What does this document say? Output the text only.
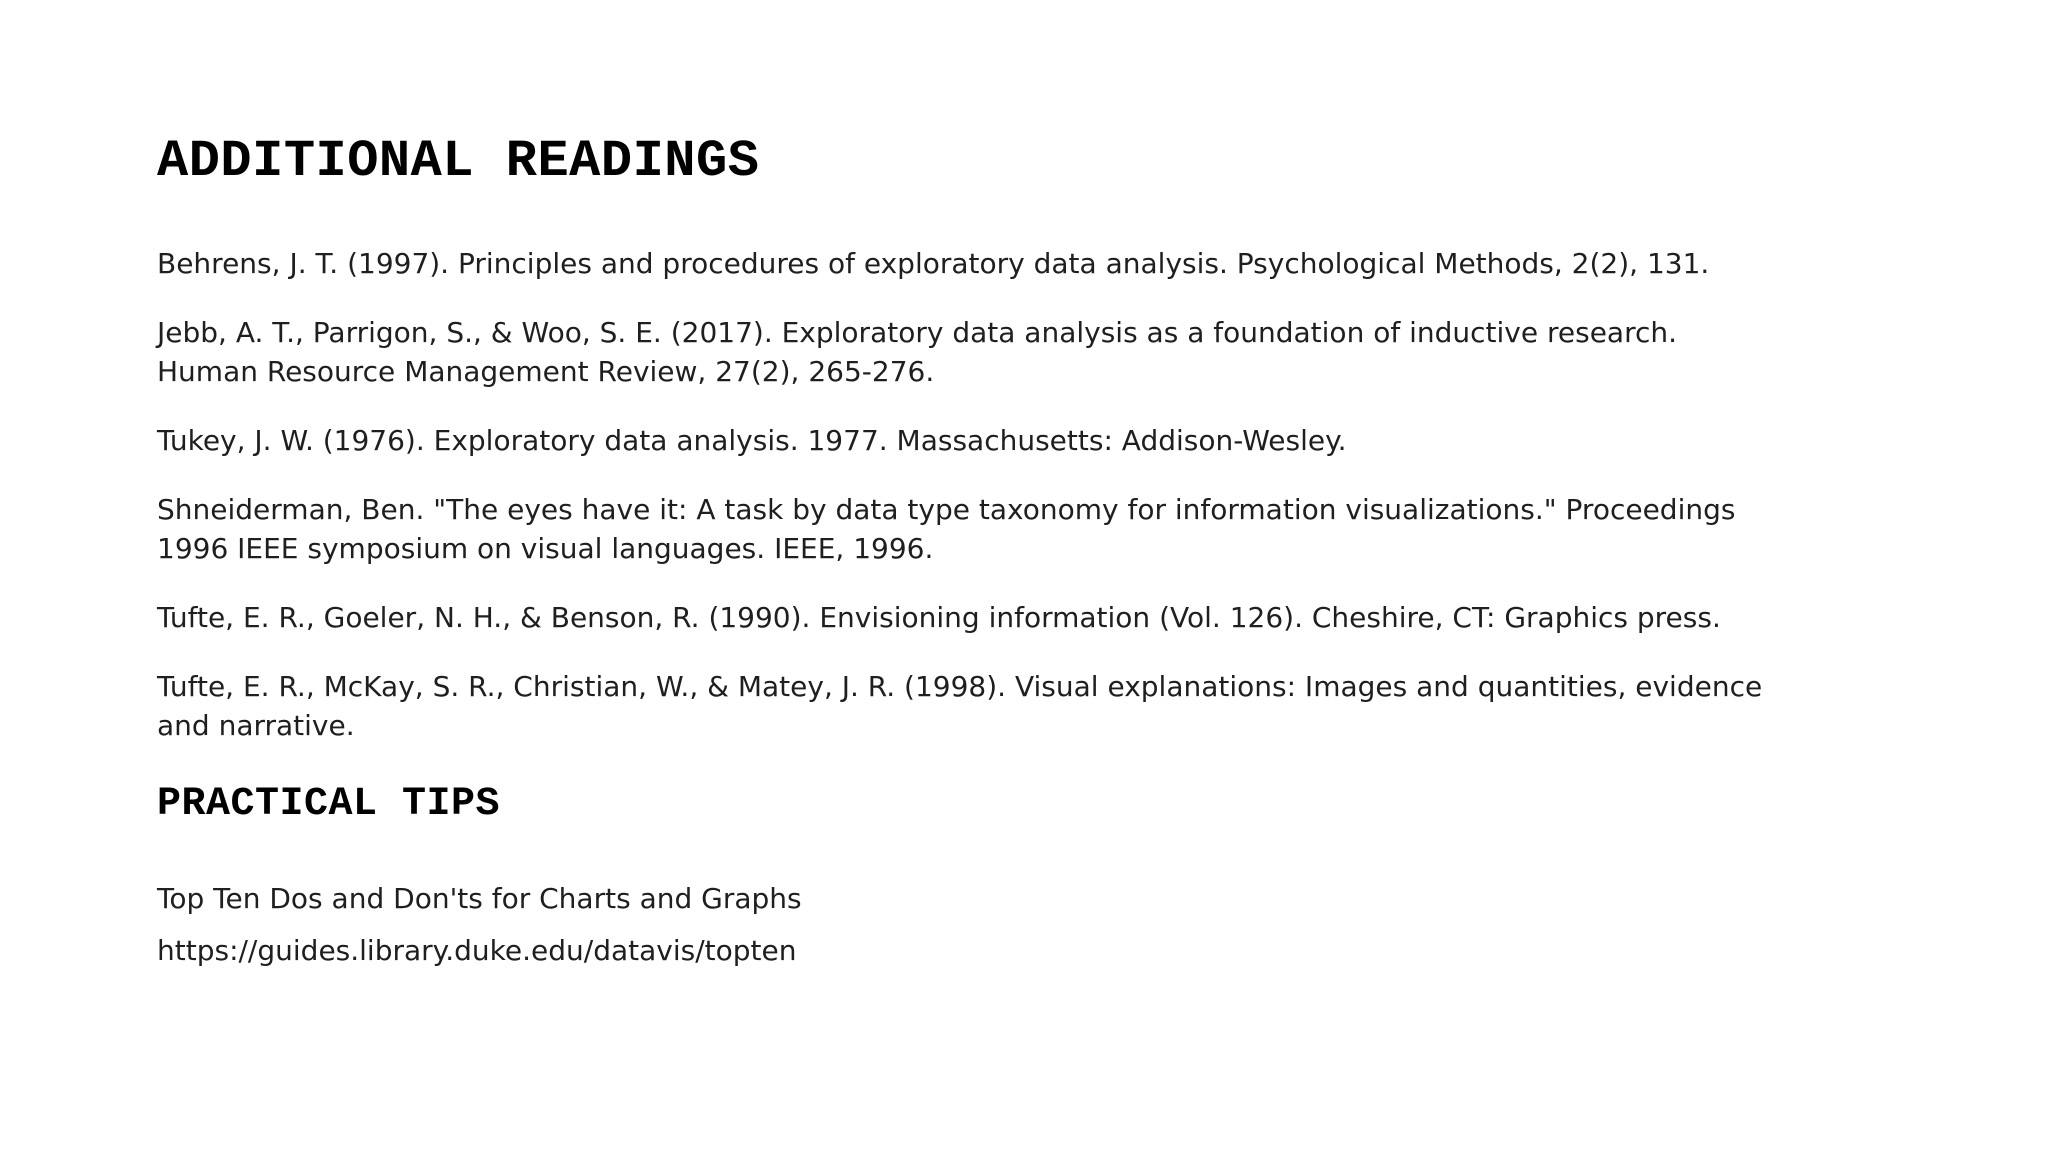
ADDITIONAL READINGS
Behrens, J. T. (1997). Principles and procedures of exploratory data analysis. Psychological Methods, 2(2), 131.
Jebb, A. T., Parrigon, S., & Woo, S. E. (2017). Exploratory data analysis as a foundation of inductive research. Human Resource Management Review, 27(2), 265-276.
Tukey, J. W. (1976). Exploratory data analysis. 1977. Massachusetts: Addison-Wesley.
Shneiderman, Ben. "The eyes have it: A task by data type taxonomy for information visualizations." Proceedings 1996 IEEE symposium on visual languages. IEEE, 1996.
Tufte, E. R., Goeler, N. H., & Benson, R. (1990). Envisioning information (Vol. 126). Cheshire, CT: Graphics press.
Tufte, E. R., McKay, S. R., Christian, W., & Matey, J. R. (1998). Visual explanations: Images and quantities, evidence and narrative.
PRACTICAL TIPS

Top Ten Dos and Don'ts for Charts and Graphs

https://guides.library.duke.edu/datavis/topten
